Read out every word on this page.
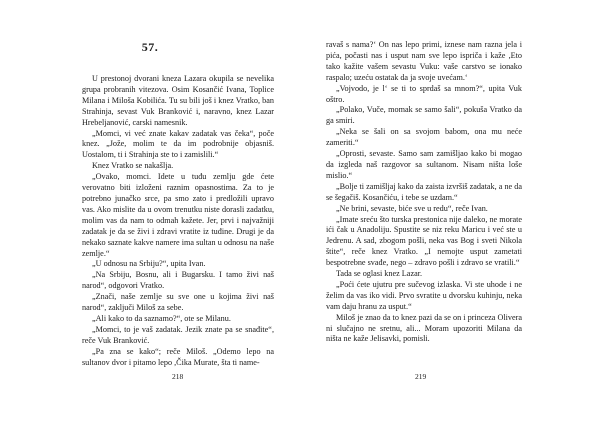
57.

U prestonoj dvorani kneza Lazara okupila se nevelika grupa probranih vitezova. Osim Kosančić Ivana, Toplice Milana i Miloša Kobilića. Tu su bili još i knez Vratko, ban Strahinja, sevast Vuk Branković i, naravno, knez Lazar Hrebeljanović, carski namesnik.

„Momci, vi već znate kakav zadatak vas čeka“, poče knez. „Jože, molim te da im podrobnije objasniš. Uostalom, ti i Strahinja ste to i zamislili.“

Knez Vratko se nakašlja.

„Ovako, momci. Idete u tuđu zemlju gde ćete verovatno biti izloženi raznim opasnostima. Za to je potrebno junačko srce, pa smo zato i predložili upravo vas. Ako mislite da u ovom trenutku niste dorasli zadatku, molim vas da nam to odmah kažete. Jer, prvi i najvažniji zadatak je da se živi i zdravi vratite iz tuđine. Drugi je da nekako saznate kakve namere ima sultan u odnosu na naše zemlje.“

„U odnosu na Srbiju?“, upita Ivan.

„Na Srbiju, Bosnu, ali i Bugarsku. I tamo živi naš narod“, odgovori Vratko.

„Znači, naše zemlje su sve one u kojima živi naš narod“, zaključi Miloš za sebe.

„Ali kako to da saznamo?“, ote se Milanu.

„Momci, to je vaš zadatak. Jezik znate pa se snađite“, reče Vuk Branković.

„Pa zna se kako“; reče Miloš. „Odemo lepo na sultanov dvor i pitamo lepo ,Čika Murate, šta ti name-

218

ravaš s nama?‘ On nas lepo primi, iznese nam razna jela i pića, počasti nas i usput nam sve lepo ispriča i kaže ,Eto tako kažite vašem sevastu Vuku: vaše carstvo se ionako raspalo; uzeću ostatak da ja svoje uvećam.‘

„Vojvodo, je l‘ se ti to sprdaš sa mnom?“, upita Vuk oštro.

„Polako, Vuče, momak se samo šali“, pokuša Vratko da ga smiri.

„Neka se šali on sa svojom babom, ona mu neće zameriti.“

„Oprosti, sevaste. Samo sam zamišljao kako bi mogao da izgleda naš razgovor sa sultanom. Nisam ništa loše mislio.“

„Bolje ti zamišljaj kako da zaista izvršiš zadatak, a ne da se šegačiš. Kosančiću, i tebe se uzdam.“

„Ne brini, sevaste, biće sve u redu“, reče Ivan.

„Imate sreću što turska prestonica nije daleko, ne morate ići čak u Anadoliju. Spustite se niz reku Maricu i već ste u Jedrenu. A sad, zbogom pošli, neka vas Bog i sveti Nikola štite“, reče knez Vratko. „I nemojte usput zametati bespotrebne svađe, nego – zdravo pošli i zdravo se vratili.“

Tada se oglasi knez Lazar.

„Poći ćete ujutru pre sučevog izlaska. Vi ste uhode i ne želim da vas iko vidi. Prvo svratite u dvorsku kuhinju, neka vam daju hranu za usput.“

Miloš je znao da to knez pazi da se on i princeza Olivera ni slučajno ne sretnu, ali... Moram upozoriti Milana da ništa ne kaže Jelisavki, pomisli.

219
